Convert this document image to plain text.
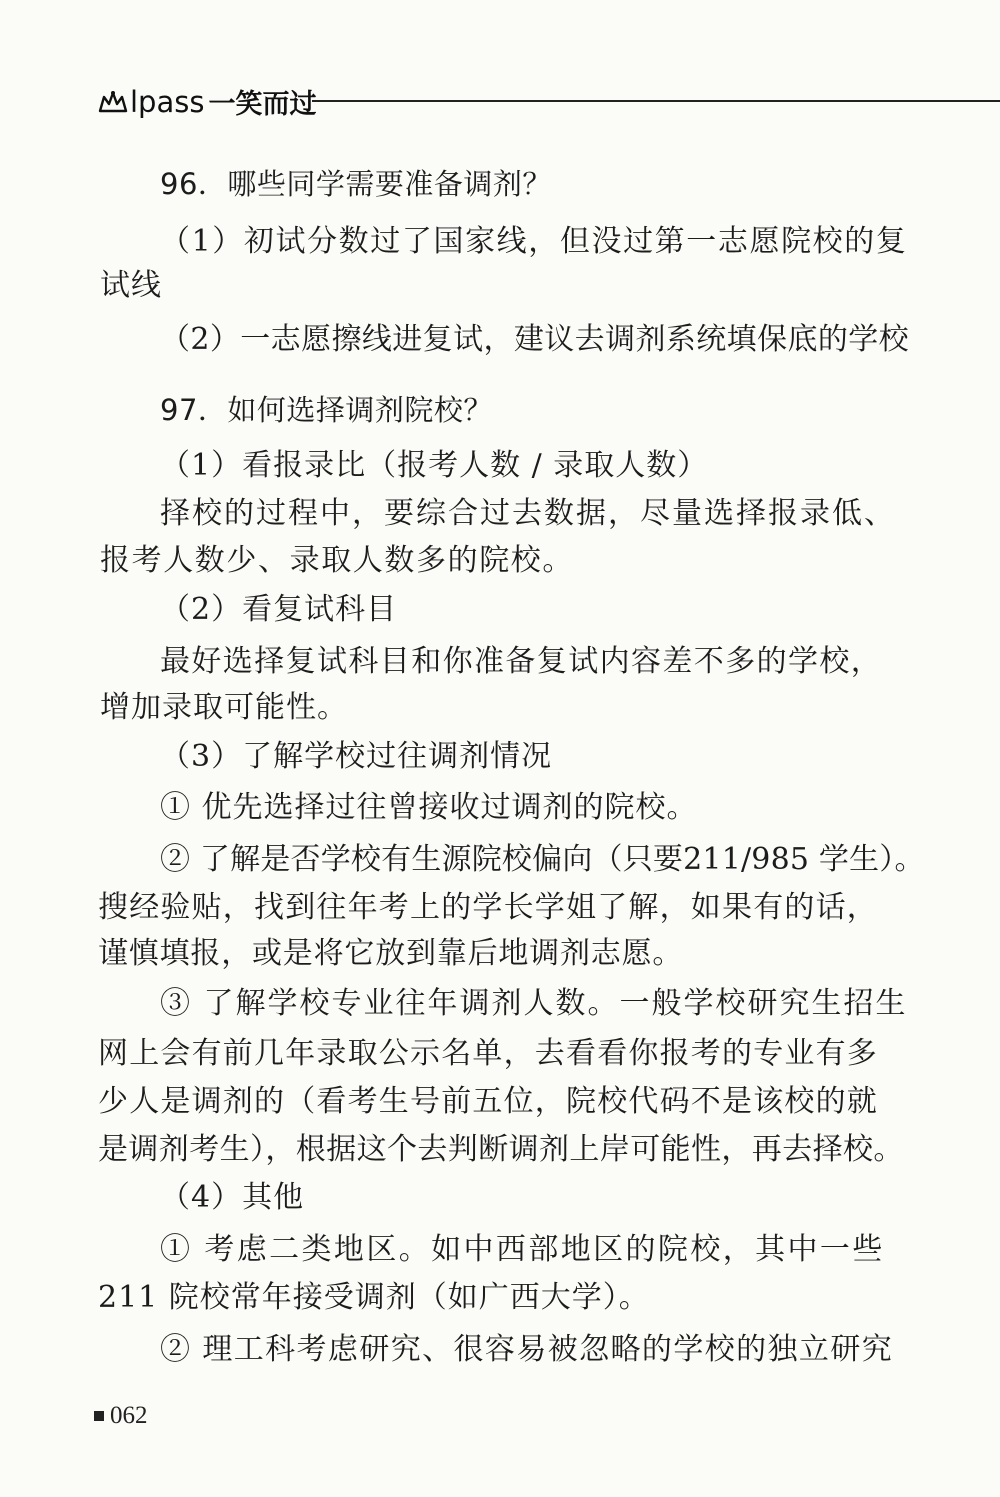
lpass 一笑而过
96．哪些同学需要准备调剂？
（1）初试分数过了国家线，但没过第一志愿院校的复
试线
（2）一志愿擦线进复试，建议去调剂系统填保底的学校
97．如何选择调剂院校？
（1）看报录比（报考人数 / 录取人数）
择校的过程中，要综合过去数据，尽量选择报录低、
报考人数少、录取人数多的院校。
（2）看复试科目
最好选择复试科目和你准备复试内容差不多的学校，
增加录取可能性。
（3）了解学校过往调剂情况
① 优先选择过往曾接收过调剂的院校。
② 了解是否学校有生源院校偏向（只要211/985 学生）。
搜经验贴，找到往年考上的学长学姐了解，如果有的话，
谨慎填报，或是将它放到靠后地调剂志愿。
③ 了解学校专业往年调剂人数。一般学校研究生招生
网上会有前几年录取公示名单，去看看你报考的专业有多
少人是调剂的（看考生号前五位，院校代码不是该校的就
是调剂考生），根据这个去判断调剂上岸可能性，再去择校。
（4）其他
① 考虑二类地区。如中西部地区的院校，其中一些
211 院校常年接受调剂（如广西大学）。
② 理工科考虑研究、很容易被忽略的学校的独立研究
062
